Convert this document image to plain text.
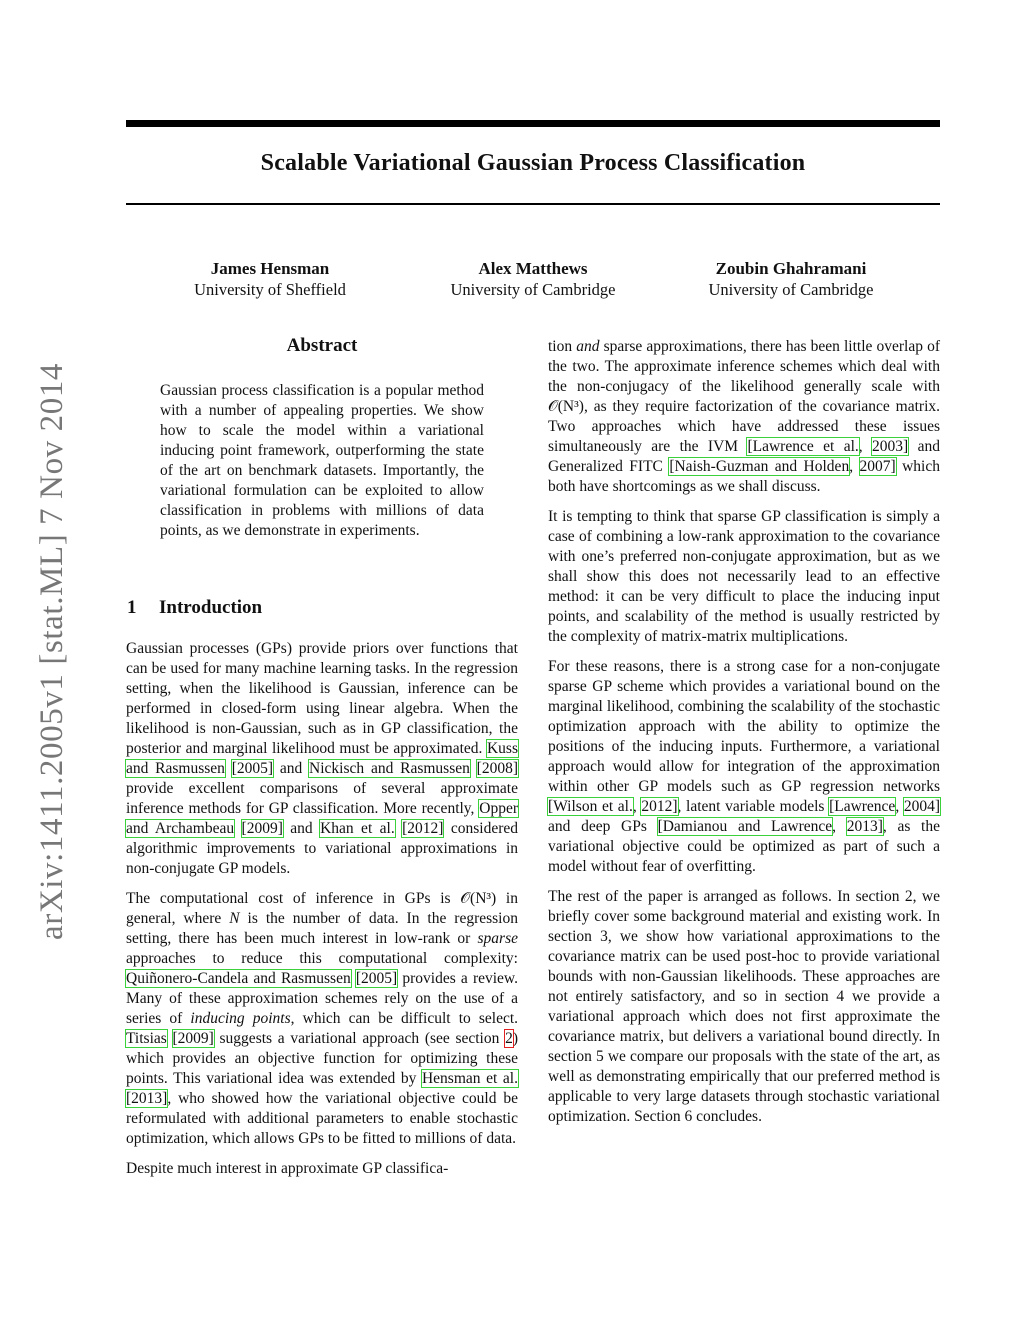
Scalable Variational Gaussian Process Classification
James Hensman
University of Sheffield
Alex Matthews
University of Cambridge
Zoubin Ghahramani
University of Cambridge
arXiv:1411.2005v1 [stat.ML] 7 Nov 2014
Abstract

Gaussian process classification is a popular method with a number of appealing properties. We show how to scale the model within a variational inducing point framework, outperforming the state of the art on benchmark datasets. Importantly, the variational formulation can be exploited to allow classification in problems with millions of data points, as we demonstrate in experiments.

1 Introduction

Gaussian processes (GPs) provide priors over functions that can be used for many machine learning tasks. In the regression setting, when the likelihood is Gaussian, inference can be performed in closed-form using linear algebra. When the likelihood is non-Gaussian, such as in GP classification, the posterior and marginal likelihood must be approximated. Kuss and Rasmussen [2005] and Nickisch and Rasmussen [2008] provide excellent comparisons of several approximate inference methods for GP classification. More recently, Opper and Archambeau [2009] and Khan et al. [2012] considered algorithmic improvements to variational approximations in non-conjugate GP models.

The computational cost of inference in GPs is 𝒪(N³) in general, where N is the number of data. In the regression setting, there has been much interest in low-rank or sparse approaches to reduce this computational complexity: Quiñonero-Candela and Rasmussen [2005] provides a review. Many of these approximation schemes rely on the use of a series of inducing points, which can be difficult to select. Titsias [2009] suggests a variational approach (see section 2) which provides an objective function for optimizing these points. This variational idea was extended by Hensman et al. [2013], who showed how the variational objective could be reformulated with additional parameters to enable stochastic optimization, which allows GPs to be fitted to millions of data.

Despite much interest in approximate GP classifica-

tion and sparse approximations, there has been little overlap of the two. The approximate inference schemes which deal with the non-conjugacy of the likelihood generally scale with 𝒪(N³), as they require factorization of the covariance matrix. Two approaches which have addressed these issues simultaneously are the IVM [Lawrence et al., 2003] and Generalized FITC [Naish-Guzman and Holden, 2007] which both have shortcomings as we shall discuss.

It is tempting to think that sparse GP classification is simply a case of combining a low-rank approximation to the covariance with one’s preferred non-conjugate approximation, but as we shall show this does not necessarily lead to an effective method: it can be very difficult to place the inducing input points, and scalability of the method is usually restricted by the complexity of matrix-matrix multiplications.

For these reasons, there is a strong case for a non-conjugate sparse GP scheme which provides a variational bound on the marginal likelihood, combining the scalability of the stochastic optimization approach with the ability to optimize the positions of the inducing inputs. Furthermore, a variational approach would allow for integration of the approximation within other GP models such as GP regression networks [Wilson et al., 2012], latent variable models [Lawrence, 2004] and deep GPs [Damianou and Lawrence, 2013], as the variational objective could be optimized as part of such a model without fear of overfitting.

The rest of the paper is arranged as follows. In section 2, we briefly cover some background material and existing work. In section 3, we show how variational approximations to the covariance matrix can be used post-hoc to provide variational bounds with non-Gaussian likelihoods. These approaches are not entirely satisfactory, and so in section 4 we provide a variational approach which does not first approximate the covariance matrix, but delivers a variational bound directly. In section 5 we compare our proposals with the state of the art, as well as demonstrating empirically that our preferred method is applicable to very large datasets through stochastic variational optimization. Section 6 concludes.
